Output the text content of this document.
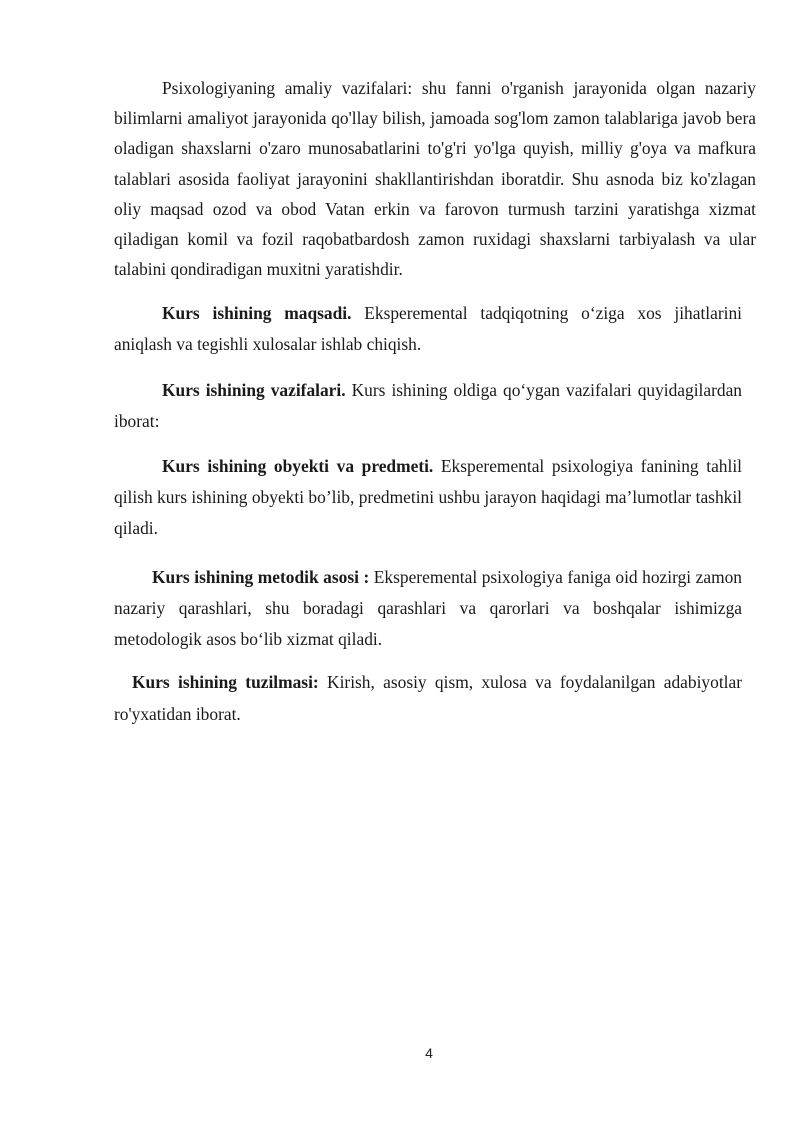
Psixologiyaning amaliy vazifalari: shu fanni o'rganish jarayonida olgan nazariy bilimlarni amaliyot jarayonida qo'llay bilish, jamoada sog'lom zamon talablariga javob bera oladigan shaxslarni o'zaro munosabatlarini to'g'ri yo'lga quyish, milliy g'oya va mafkura talablari asosida faoliyat jarayonini shakllantirishdan iboratdir. Shu asnoda biz ko'zlagan oliy maqsad ozod va obod Vatan erkin va farovon turmush tarzini yaratishga xizmat qiladigan komil va fozil raqobatbardosh zamon ruxidagi shaxslarni tarbiyalash va ular talabini qondiradigan muxitni yaratishdir.

Kurs ishining maqsadi. Eksperemental tadqiqotning o‘ziga xos jihatlarini aniqlash va tegishli xulosalar ishlab chiqish.

Kurs ishining vazifalari. Kurs ishining oldiga qo‘ygan vazifalari quyidagilardan iborat:

Kurs ishining obyekti va predmeti. Eksperemental psixologiya fanining tahlil qilish kurs ishining obyekti bo’lib, predmetini ushbu jarayon haqidagi ma’lumotlar tashkil qiladi.

Kurs ishining metodik asosi : Eksperemental psixologiya faniga oid hozirgi zamon nazariy qarashlari, shu boradagi qarashlari va qarorlari va boshqalar ishimizga metodologik asos bo‘lib xizmat qiladi.

Kurs ishining tuzilmasi: Kirish, asosiy qism, xulosa va foydalanilgan adabiyotlar ro'yxatidan iborat.

4
